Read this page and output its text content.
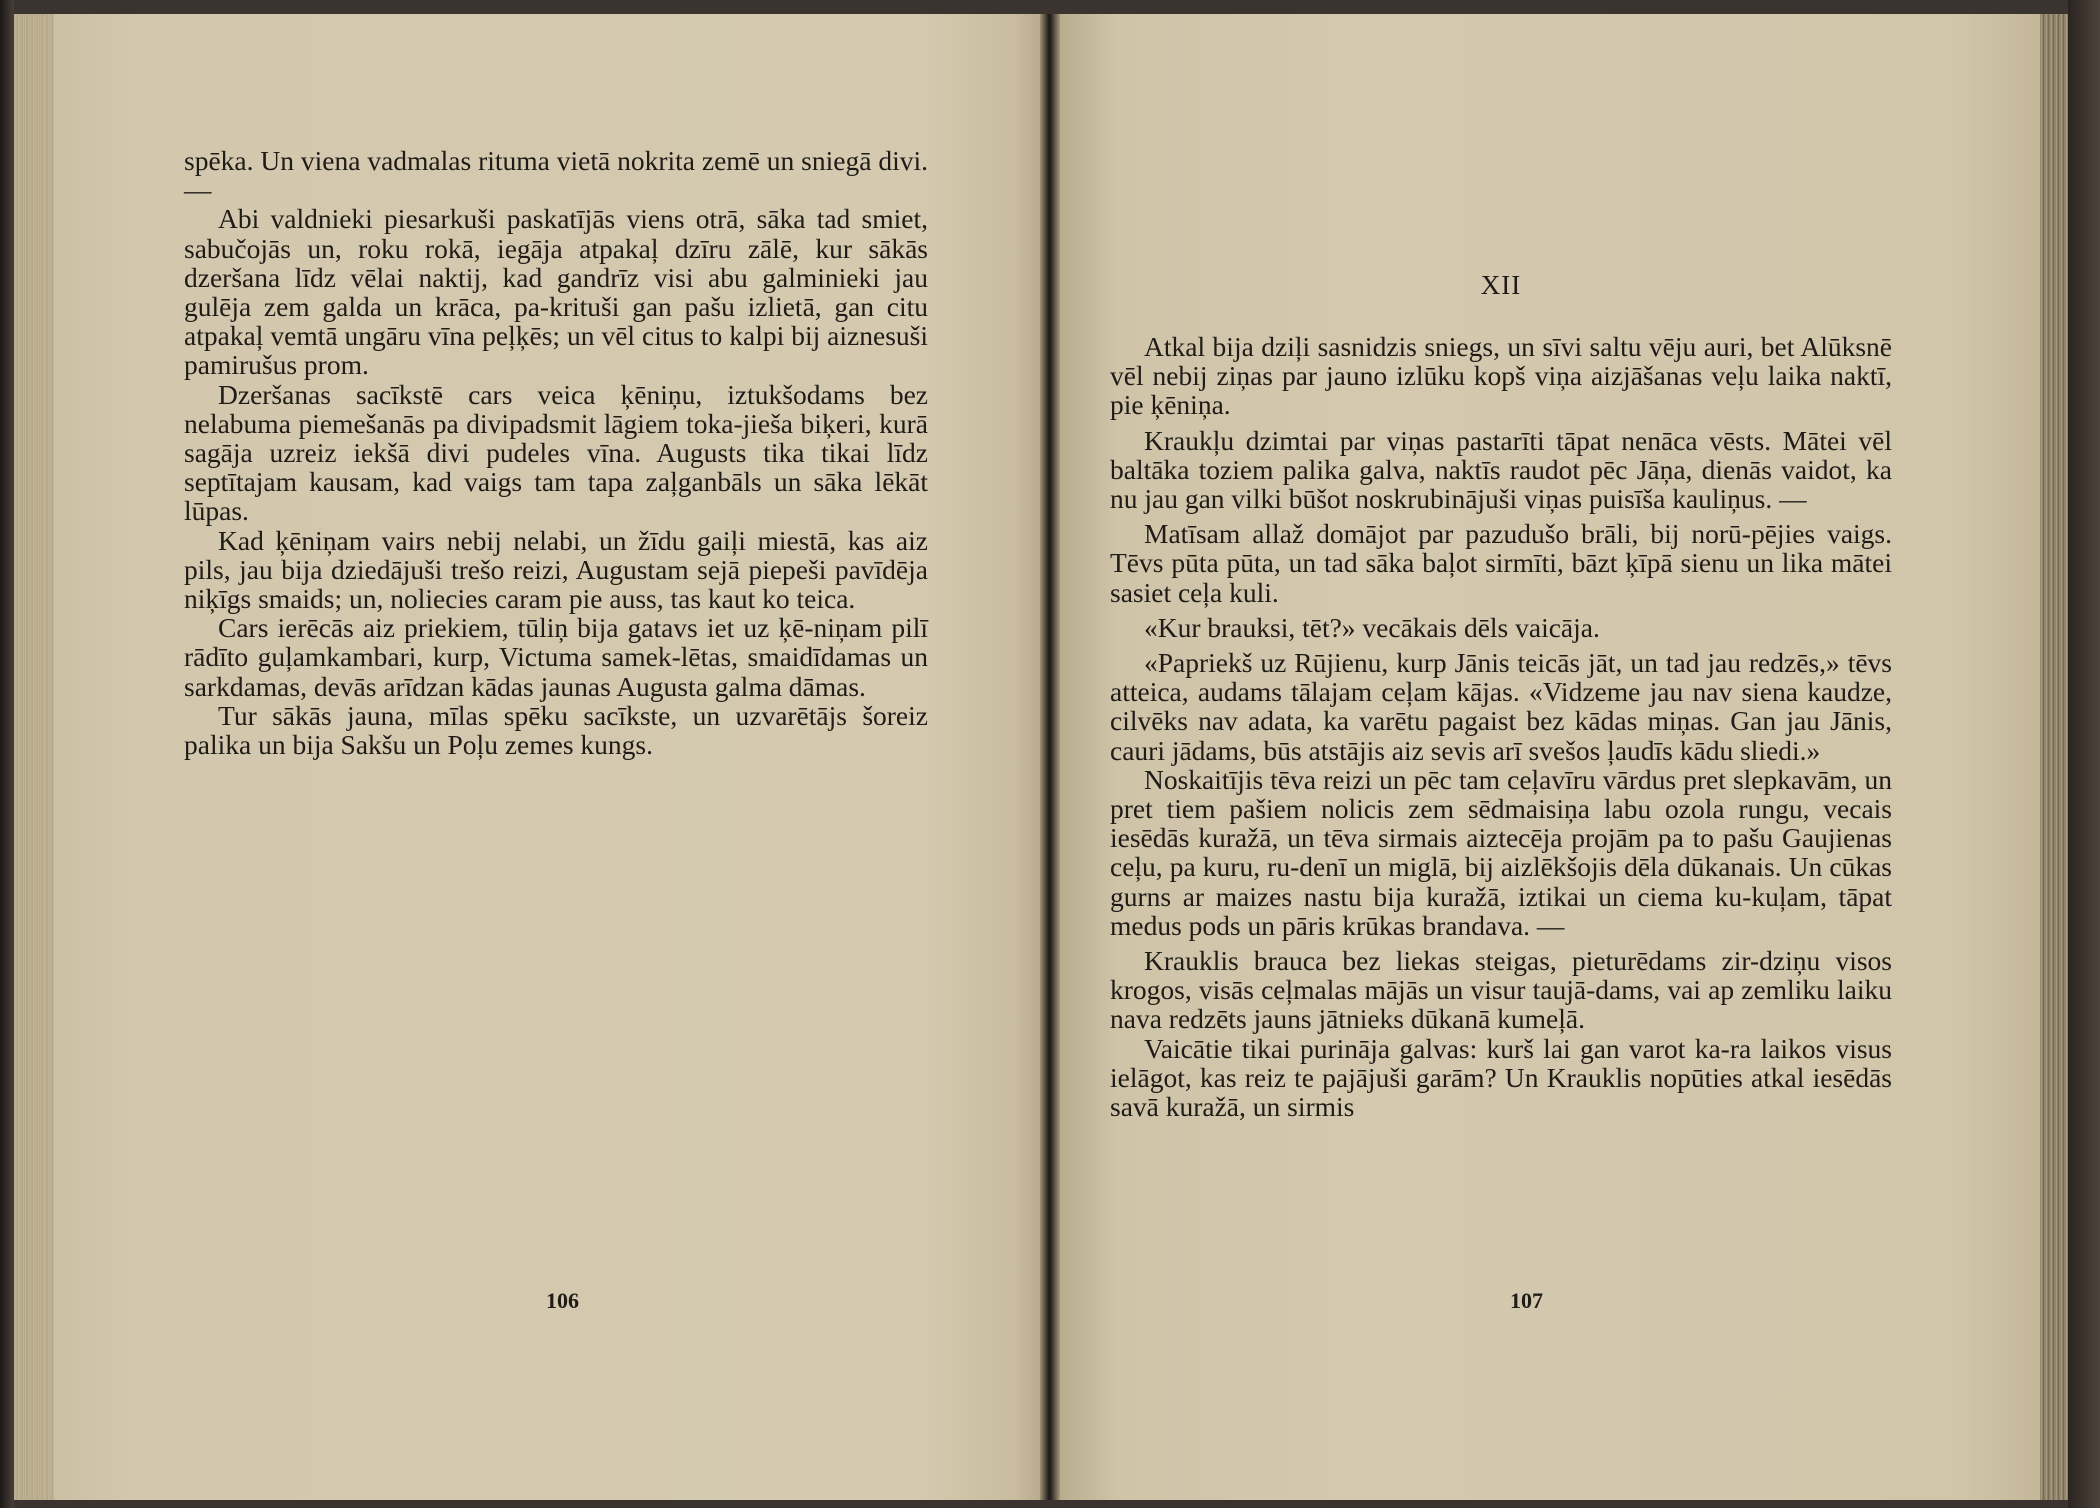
spēka. Un viena vadmalas rituma vietā nokrita zemē un sniegā divi. —

Abi valdnieki piesarkuši paskatījās viens otrā, sāka tad smiet, sabučojās un, roku rokā, iegāja atpakaļ dzīru zālē, kur sākās dzeršana līdz vēlai naktij, kad gandrīz visi abu galminieki jau gulēja zem galda un krāca, pa-krituši gan pašu izlietā, gan citu atpakaļ vemtā ungāru vīna peļķēs; un vēl citus to kalpi bij aiznesuši pamirušus prom.

Dzeršanas sacīkstē cars veica ķēniņu, iztukšodams bez nelabuma piemešanās pa divipadsmit lāgiem toka-jieša biķeri, kurā sagāja uzreiz iekšā divi pudeles vīna. Augusts tika tikai līdz septītajam kausam, kad vaigs tam tapa zaļganbāls un sāka lēkāt lūpas.

Kad ķēniņam vairs nebij nelabi, un žīdu gaiļi miestā, kas aiz pils, jau bija dziedājuši trešo reizi, Augustam sejā piepeši pavīdēja niķīgs smaids; un, noliecies caram pie auss, tas kaut ko teica.

Cars ierēcās aiz priekiem, tūliņ bija gatavs iet uz ķē-niņam pilī rādīto guļamkambari, kurp, Victuma samek-lētas, smaidīdamas un sarkdamas, devās arīdzan kādas jaunas Augusta galma dāmas.

Tur sākās jauna, mīlas spēku sacīkste, un uzvarētājs šoreiz palika un bija Sakšu un Poļu zemes kungs.

106
XII

Atkal bija dziļi sasnidzis sniegs, un sīvi saltu vēju auri, bet Alūksnē vēl nebij ziņas par jauno izlūku kopš viņa aizjāšanas veļu laika naktī, pie ķēniņa.

Kraukļu dzimtai par viņas pastarīti tāpat nenāca vēsts. Mātei vēl baltāka toziem palika galva, naktīs raudot pēc Jāņa, dienās vaidot, ka nu jau gan vilki būšot noskrubinājuši viņas puisīša kauliņus. —

Matīsam allaž domājot par pazudušo brāli, bij norū-pējies vaigs. Tēvs pūta pūta, un tad sāka baļot sirmīti, bāzt ķīpā sienu un lika mātei sasiet ceļa kuli.

«Kur brauksi, tēt?» vecākais dēls vaicāja.

«Papriekš uz Rūjienu, kurp Jānis teicās jāt, un tad jau redzēs,» tēvs atteica, audams tālajam ceļam kājas. «Vidzeme jau nav siena kaudze, cilvēks nav adata, ka varētu pagaist bez kādas miņas. Gan jau Jānis, cauri jādams, būs atstājis aiz sevis arī svešos ļaudīs kādu sliedi.»

Noskaitījis tēva reizi un pēc tam ceļavīru vārdus pret slepkavām, un pret tiem pašiem nolicis zem sēdmaisiņa labu ozola rungu, vecais iesēdās kuražā, un tēva sirmais aiztecēja projām pa to pašu Gaujienas ceļu, pa kuru, ru-denī un miglā, bij aizlēkšojis dēla dūkanais. Un cūkas gurns ar maizes nastu bija kuražā, iztikai un ciema ku-kuļam, tāpat medus pods un pāris krūkas brandava. —

Krauklis brauca bez liekas steigas, pieturēdams zir-dziņu visos krogos, visās ceļmalas mājās un visur taujā-dams, vai ap zemliku laiku nava redzēts jauns jātnieks dūkanā kumeļā.

Vaicātie tikai purināja galvas: kurš lai gan varot ka-ra laikos visus ielāgot, kas reiz te pajājuši garām? Un Krauklis nopūties atkal iesēdās savā kuražā, un sirmis

107
